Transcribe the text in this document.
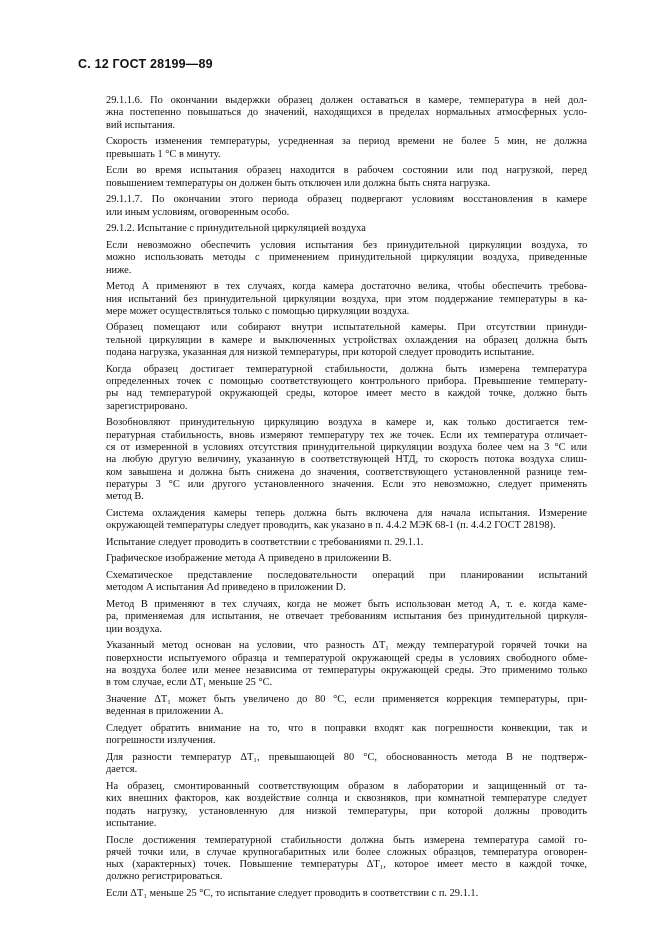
С. 12 ГОСТ 28199—89
29.1.1.6. По окончании выдержки образец должен оставаться в камере, температура в ней дол-
жна постепенно повышаться до значений, находящихся в пределах нормальных атмосферных усло-
вий испытания.
Скорость изменения температуры, усредненная за период времени не более 5 мин, не должна
превышать 1 °С в минуту.
Если во время испытания образец находится в рабочем состоянии или под нагрузкой, перед
повышением температуры он должен быть отключен или должна быть снята нагрузка.
29.1.1.7. По окончании этого периода образец подвергают условиям восстановления в камере
или иным условиям, оговоренным особо.
29.1.2. Испытание с принудительной циркуляцией воздуха
Если невозможно обеспечить условия испытания без принудительной циркуляции воздуха, то
можно использовать методы с применением принудительной циркуляции воздуха, приведенные
ниже.
Метод А применяют в тех случаях, когда камера достаточно велика, чтобы обеспечить требова-
ния испытаний без принудительной циркуляции воздуха, при этом поддержание температуры в ка-
мере может осуществляться только с помощью циркуляции воздуха.
Образец помещают или собирают внутри испытательной камеры. При отсутствии принуди-
тельной циркуляции в камере и выключенных устройствах охлаждения на образец должна быть
подана нагрузка, указанная для низкой температуры, при которой следует проводить испытание.
Когда образец достигает температурной стабильности, должна быть измерена температура
определенных точек с помощью соответствующего контрольного прибора. Превышение температу-
ры над температурой окружающей среды, которое имеет место в каждой точке, должно быть
зарегистрировано.
Возобновляют принудительную циркуляцию воздуха в камере и, как только достигается тем-
пературная стабильность, вновь измеряют температуру тех же точек. Если их температура отличает-
ся от измеренной в условиях отсутствия принудительной циркуляции воздуха более чем на 3 °С или
на любую другую величину, указанную в соответствующей НТД, то скорость потока воздуха слиш-
ком завышена и должна быть снижена до значения, соответствующего установленной разнице тем-
пературы 3 °С или другого установленного значения. Если это невозможно, следует применять
метод В.
Система охлаждения камеры теперь должна быть включена для начала испытания. Измерение
окружающей температуры следует проводить, как указано в п. 4.4.2 МЭК 68-1 (п. 4.4.2 ГОСТ 28198).
Испытание следует проводить в соответствии с требованиями п. 29.1.1.
Графическое изображение метода А приведено в приложении В.
Схематическое представление последовательности операций при планировании испытаний
методом А испытания Ad приведено в приложении D.
Метод В применяют в тех случаях, когда не может быть использован метод А, т. е. когда каме-
ра, применяемая для испытания, не отвечает требованиям испытания без принудительной циркуля-
ции воздуха.
Указанный метод основан на условии, что разность ΔT₁ между температурой горячей точки на
поверхности испытуемого образца и температурой окружающей среды в условиях свободного обме-
на воздуха более или менее независима от температуры окружающей среды. Это применимо только
в том случае, если ΔT₁ меньше 25 °С.
Значение ΔT₁ может быть увеличено до 80 °С, если применяется коррекция температуры, при-
веденная в приложении А.
Следует обратить внимание на то, что в поправки входят как погрешности конвекции, так и
погрешности излучения.
Для разности температур ΔT₁, превышающей 80 °С, обоснованность метода В не подтверж-
дается.
На образец, смонтированный соответствующим образом в лаборатории и защищенный от та-
ких внешних факторов, как воздействие солнца и сквозняков, при комнатной температуре следует
подать нагрузку, установленную для низкой температуры, при которой должны проводить
испытание.
После достижения температурной стабильности должна быть измерена температура самой го-
рячей точки или, в случае крупногабаритных или более сложных образцов, температура оговорен-
ных (характерных) точек. Повышение температуры ΔT₁, которое имеет место в каждой точке,
должно регистрироваться.
Если ΔT₁ меньше 25 °С, то испытание следует проводить в соответствии с п. 29.1.1.
